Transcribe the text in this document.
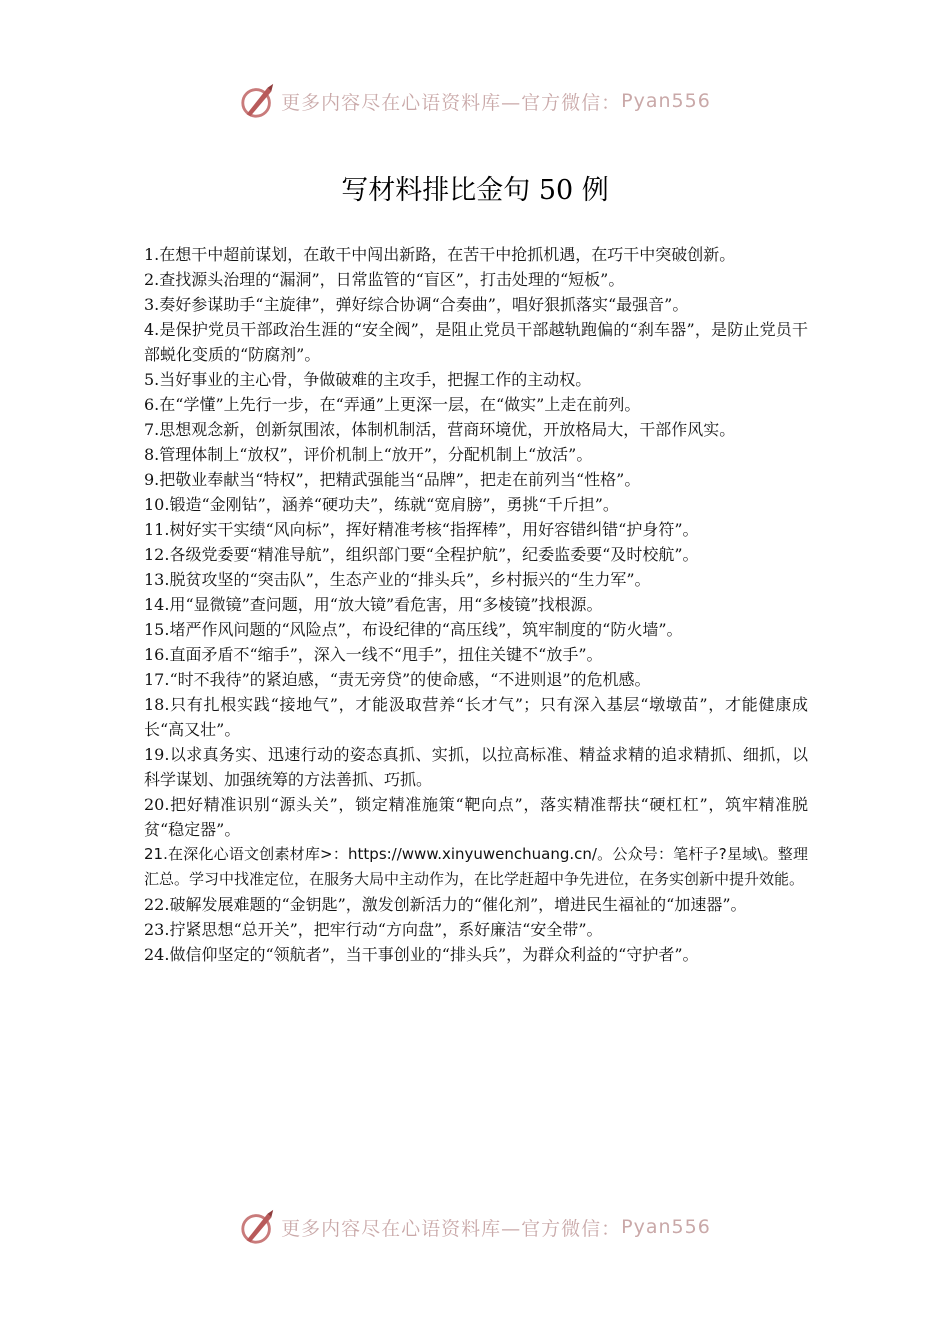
更多内容尽在心语资料库—官方微信： Pyan556
写材料排比金句 50 例

1.在想干中超前谋划，在敢干中闯出新路，在苦干中抢抓机遇，在巧干中突破创新。

2.查找源头治理的“漏洞”，日常监管的“盲区”，打击处理的“短板”。

3.奏好参谋助手“主旋律”，弹好综合协调“合奏曲”，唱好狠抓落实“最强音”。

4.是保护党员干部政治生涯的“安全阀”，是阻止党员干部越轨跑偏的“刹车器”，是防止党员干部蜕化变质的“防腐剂”。

5.当好事业的主心骨，争做破难的主攻手，把握工作的主动权。

6.在“学懂”上先行一步，在“弄通”上更深一层，在“做实”上走在前列。

7.思想观念新，创新氛围浓，体制机制活，营商环境优，开放格局大，干部作风实。

8.管理体制上“放权”，评价机制上“放开”，分配机制上“放活”。

9.把敬业奉献当“特权”，把精武强能当“品牌”，把走在前列当“性格”。

10.锻造“金刚钻”，涵养“硬功夫”，练就“宽肩膀”，勇挑“千斤担”。

11.树好实干实绩“风向标”，挥好精准考核“指挥棒”，用好容错纠错“护身符”。

12.各级党委要“精准导航”，组织部门要“全程护航”，纪委监委要“及时校航”。

13.脱贫攻坚的“突击队”，生态产业的“排头兵”，乡村振兴的“生力军”。

14.用“显微镜”查问题，用“放大镜”看危害，用“多棱镜”找根源。

15.堵严作风问题的“风险点”，布设纪律的“高压线”，筑牢制度的“防火墙”。

16.直面矛盾不“缩手”，深入一线不“甩手”，扭住关键不“放手”。

17.“时不我待”的紧迫感，“责无旁贷”的使命感，“不进则退”的危机感。

18.只有扎根实践“接地气”，才能汲取营养“长才气”；只有深入基层“墩墩苗”，才能健康成长“高又壮”。

19.以求真务实、迅速行动的姿态真抓、实抓，以拉高标准、精益求精的追求精抓、细抓，以科学谋划、加强统筹的方法善抓、巧抓。

20.把好精准识别“源头关”，锁定精准施策“靶向点”，落实精准帮扶“硬杠杠”，筑牢精准脱贫“稳定器”。

21.在深化心语文创素材库>：https://www.xinyuwenchuang.cn/。公众号：笔杆子?星域\。整理汇总。学习中找准定位，在服务大局中主动作为，在比学赶超中争先进位，在务实创新中提升效能。

22.破解发展难题的“金钥匙”，激发创新活力的“催化剂”，增进民生福祉的“加速器”。

23.拧紧思想“总开关”，把牢行动“方向盘”，系好廉洁“安全带”。

24.做信仰坚定的“领航者”，当干事创业的“排头兵”，为群众利益的“守护者”。

更多内容尽在心语资料库—官方微信： Pyan556
